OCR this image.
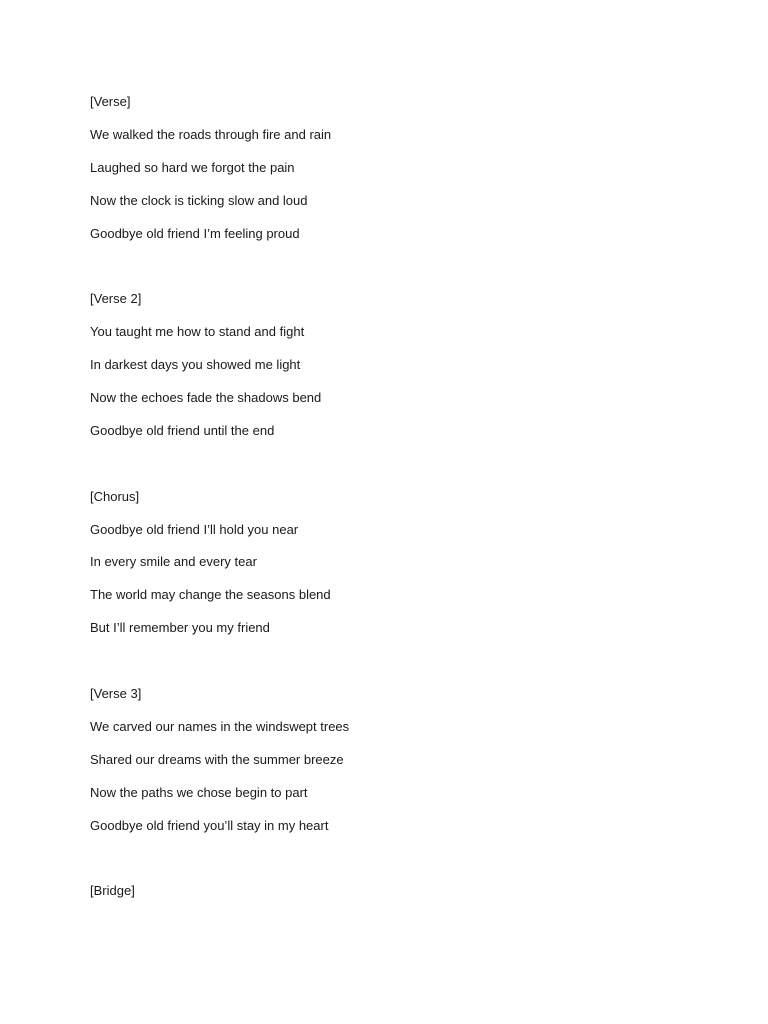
[Verse]
We walked the roads through fire and rain
Laughed so hard we forgot the pain
Now the clock is ticking slow and loud
Goodbye old friend I’m feeling proud
[Verse 2]
You taught me how to stand and fight
In darkest days you showed me light
Now the echoes fade the shadows bend
Goodbye old friend until the end
[Chorus]
Goodbye old friend I’ll hold you near
In every smile and every tear
The world may change the seasons blend
But I’ll remember you my friend
[Verse 3]
We carved our names in the windswept trees
Shared our dreams with the summer breeze
Now the paths we chose begin to part
Goodbye old friend you’ll stay in my heart
[Bridge]
